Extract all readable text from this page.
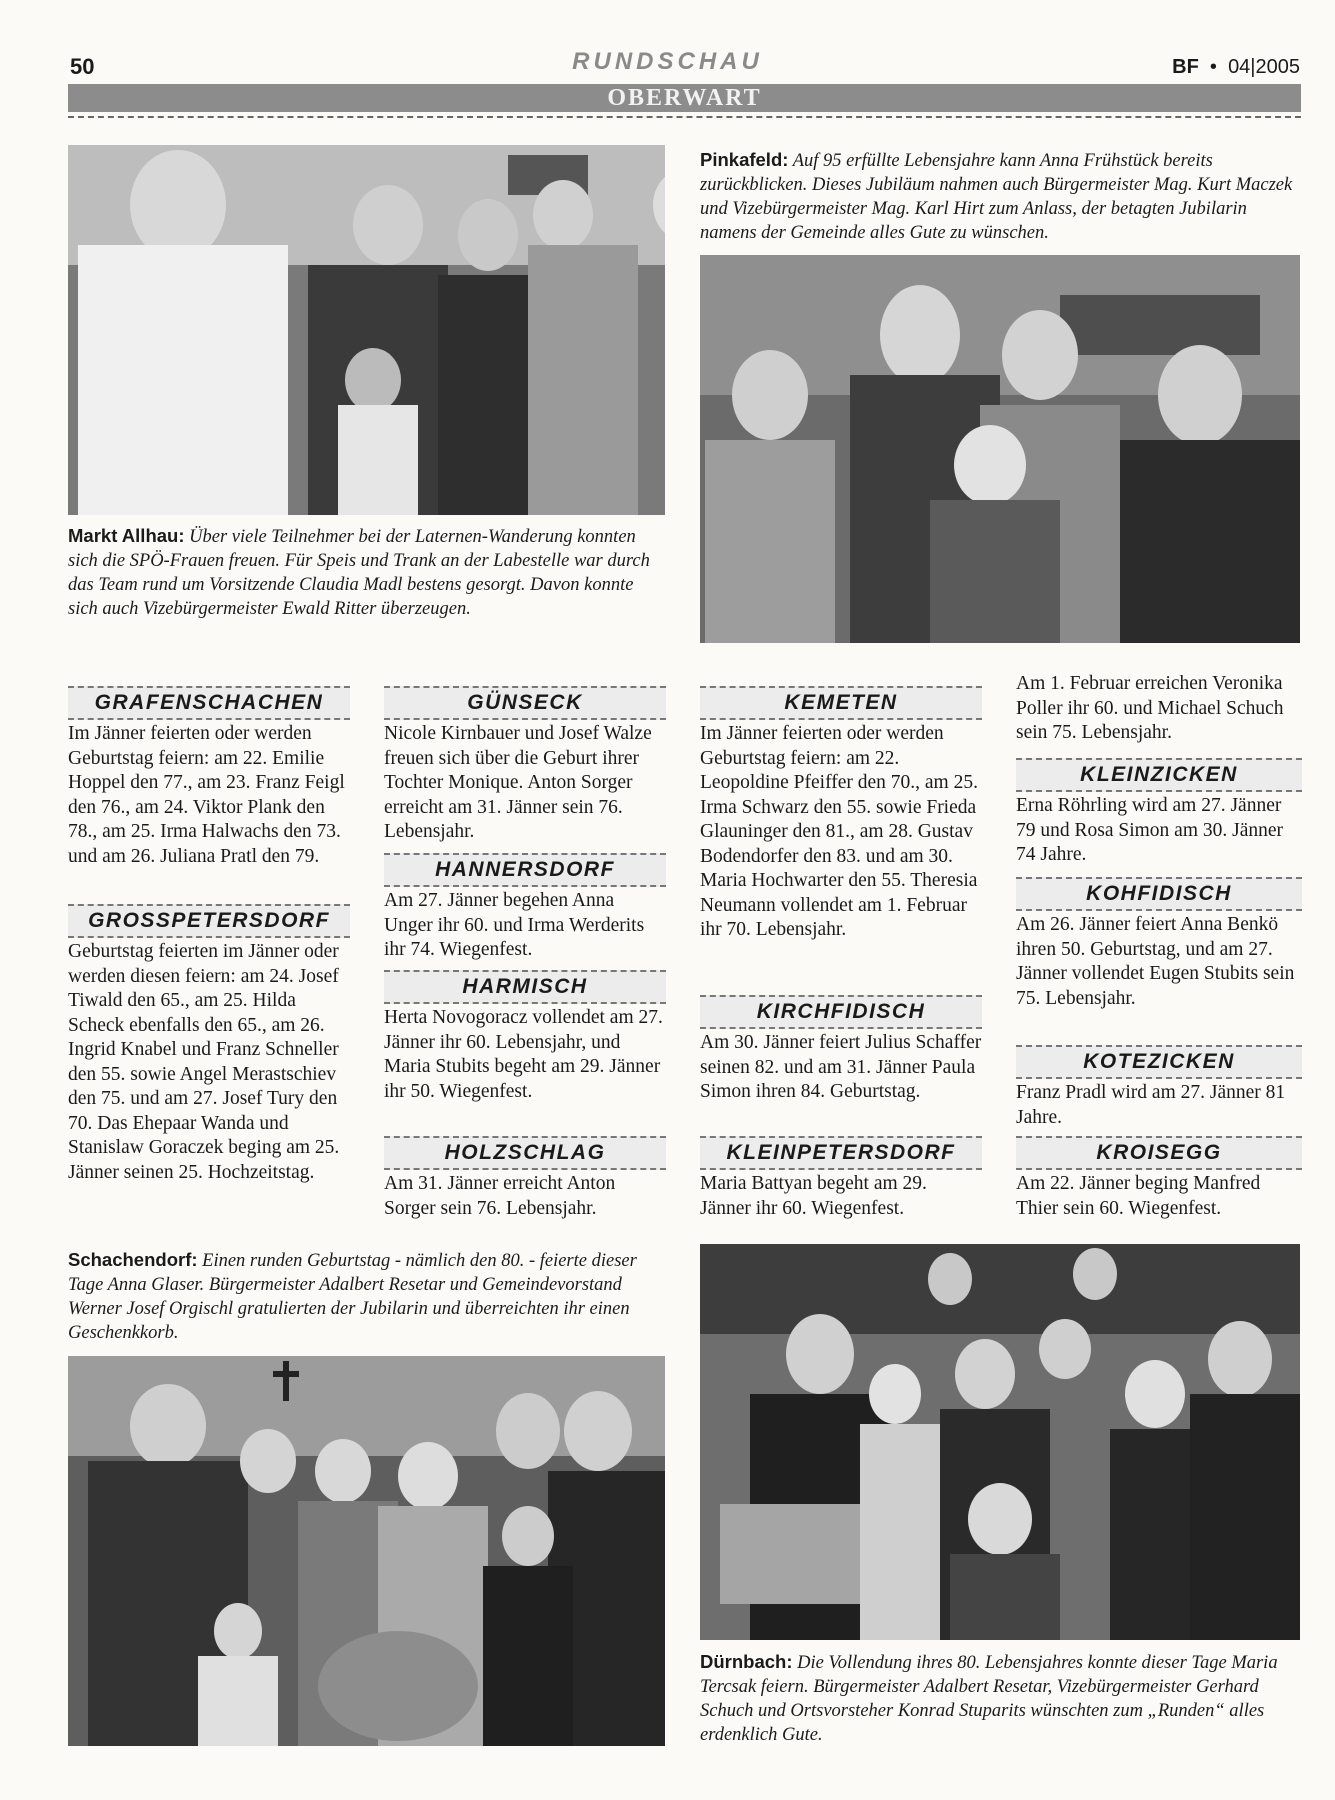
50	RUNDSCHAU	BF  •  04|2005
OBERWART
Markt Allhau: Über viele Teilnehmer bei der Laternen-Wanderung konnten sich die SPÖ-Frauen freuen. Für Speis und Trank an der Labestelle war durch das Team rund um Vorsitzende Claudia Madl bestens gesorgt. Davon konnte sich auch Vizebürgermeister Ewald Ritter überzeugen.
Pinkafeld: Auf 95 erfüllte Lebensjahre kann Anna Frühstück bereits zurückblicken. Dieses Jubiläum nahmen auch Bürgermeister Mag. Kurt Maczek und Vizebürgermeister Mag. Karl Hirt zum Anlass, der betagten Jubilarin namens der Gemeinde alles Gute zu wünschen.
GRAFENSCHACHEN
Im Jänner feierten oder werden Geburtstag feiern: am 22. Emilie Hoppel den 77., am 23. Franz Feigl den 76., am 24. Viktor Plank den 78., am 25. Irma Halwachs den 73. und am 26. Juliana Pratl den 79.
GROSSPETERSDORF
Geburtstag feierten im Jänner oder werden diesen feiern: am 24. Josef Tiwald den 65., am 25. Hilda Scheck ebenfalls den 65., am 26. Ingrid Knabel und Franz Schneller den 55. sowie Angel Merastschiev den 75. und am 27. Josef Tury den 70. Das Ehepaar Wanda und Stanislaw Goraczek beging am 25. Jänner seinen 25. Hochzeitstag.
GÜNSECK
Nicole Kirnbauer und Josef Walze freuen sich über die Geburt ihrer Tochter Monique. Anton Sorger erreicht am 31. Jänner sein 76. Lebensjahr.
HANNERSDORF
Am 27. Jänner begehen Anna Unger ihr 60. und Irma Werderits ihr 74. Wiegenfest.
HARMISCH
Herta Novogoracz vollendet am 27. Jänner ihr 60. Lebensjahr, und Maria Stubits begeht am 29. Jänner ihr 50. Wiegenfest.
HOLZSCHLAG
Am 31. Jänner erreicht Anton Sorger sein 76. Lebensjahr.
KEMETEN
Im Jänner feierten oder werden Geburtstag feiern: am 22. Leopoldine Pfeiffer den 70., am 25. Irma Schwarz den 55. sowie Frieda Glauninger den 81., am 28. Gustav Bodendorfer den 83. und am 30. Maria Hochwarter den 55. Theresia Neumann vollendet am 1. Februar ihr 70. Lebensjahr.
KIRCHFIDISCH
Am 30. Jänner feiert Julius Schaffer seinen 82. und am 31. Jänner Paula Simon ihren 84. Geburtstag.
KLEINPETERSDORF
Maria Battyan begeht am 29. Jänner ihr 60. Wiegenfest.
Am 1. Februar erreichen Veronika Poller ihr 60. und Michael Schuch sein 75. Lebensjahr.
KLEINZICKEN
Erna Röhrling wird am 27. Jänner 79 und Rosa Simon am 30. Jänner 74 Jahre.
KOHFIDISCH
Am 26. Jänner feiert Anna Benkö ihren 50. Geburtstag, und am 27. Jänner vollendet Eugen Stubits sein 75. Lebensjahr.
KOTEZICKEN
Franz Pradl wird am 27. Jänner 81 Jahre.
KROISEGG
Am 22. Jänner beging Manfred Thier sein 60. Wiegenfest.
Schachendorf: Einen runden Geburtstag - nämlich den 80. - feierte dieser Tage Anna Glaser. Bürgermeister Adalbert Resetar und Gemeindevorstand Werner Josef Orgischl gratulierten der Jubilarin und überreichten ihr einen Geschenkkorb.
Dürnbach: Die Vollendung ihres 80. Lebensjahres konnte dieser Tage Maria Tercsak feiern. Bürgermeister Adalbert Resetar, Vizebürgermeister Gerhard Schuch und Ortsvorsteher Konrad Stuparits wünschten zum „Runden“ alles erdenklich Gute.
